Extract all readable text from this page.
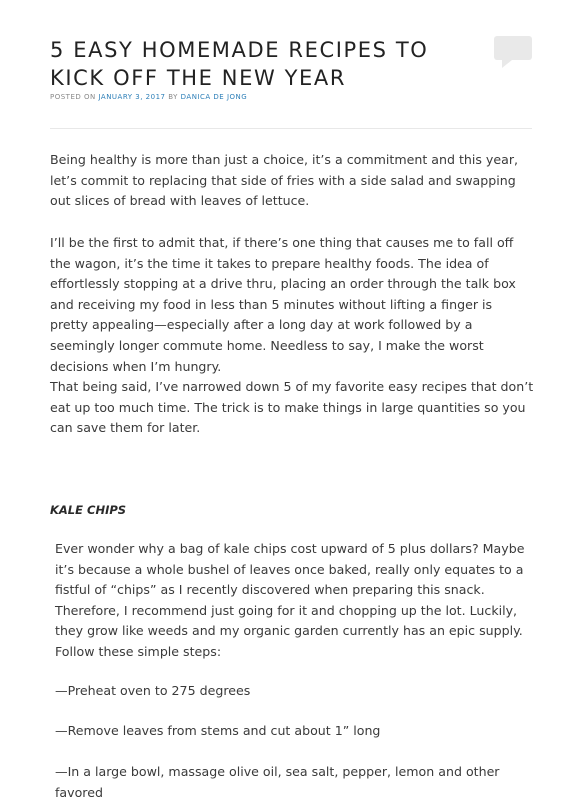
5 EASY HOMEMADE RECIPES TO KICK OFF THE NEW YEAR
POSTED ON JANUARY 3, 2017 BY DANICA DE JONG

Being healthy is more than just a choice, it’s a commitment and this year, let’s commit to replacing that side of fries with a side salad and swapping out slices of bread with leaves of lettuce.

I’ll be the first to admit that, if there’s one thing that causes me to fall off the wagon, it’s the time it takes to prepare healthy foods. The idea of effortlessly stopping at a drive thru, placing an order through the talk box and receiving my food in less than 5 minutes without lifting a finger is pretty appealing—especially after a long day at work followed by a seemingly longer commute home. Needless to say, I make the worst decisions when I’m hungry.

That being said, I’ve narrowed down 5 of my favorite easy recipes that don’t eat up too much time. The trick is to make things in large quantities so you can save them for later.

KALE CHIPS

Ever wonder why a bag of kale chips cost upward of 5 plus dollars? Maybe it’s because a whole bushel of leaves once baked, really only equates to a fistful of “chips” as I recently discovered when preparing this snack. Therefore, I recommend just going for it and chopping up the lot. Luckily, they grow like weeds and my organic garden currently has an epic supply. Follow these simple steps:

—Preheat oven to 275 degrees

—Remove leaves from stems and cut about 1” long

—In a large bowl, massage olive oil, sea salt, pepper, lemon and other favored
